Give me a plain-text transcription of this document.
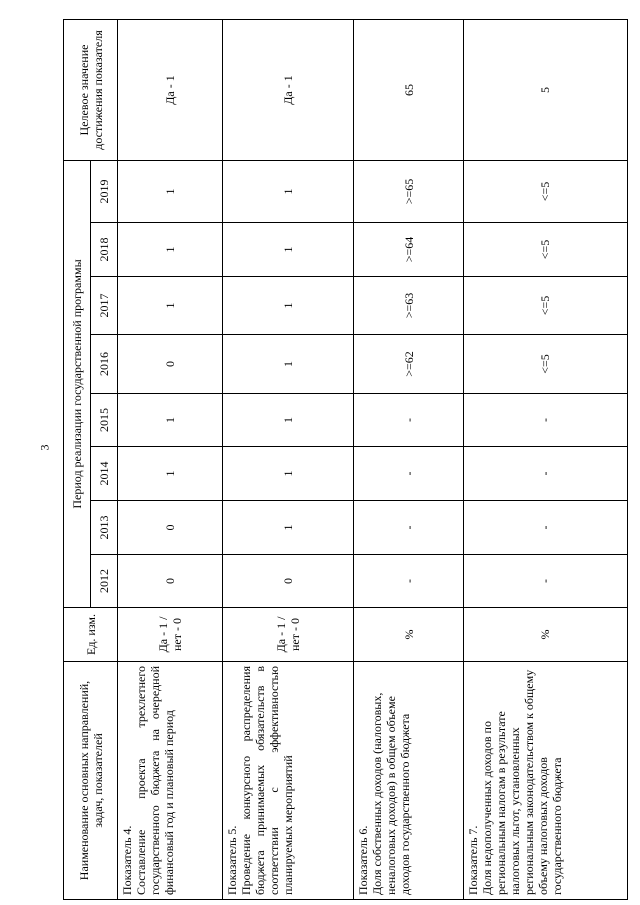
3
Наименование основных направлений, задач, показателей	Ед. изм.	Период реализации государственной программы								Целевое значение достижения показателя
		2012	2013	2014	2015	2016	2017	2018	2019	

Показатель 4. Составление проекта трехлетнего государственного бюджета на очередной финансовый год и плановый период	Да - 1 /нет - 0	0	0	1	1	0	1	1	1	Да - 1

Показатель 5. Проведение конкурсного распределения бюджета принимаемых обязательств в соответствии с эффективностью планируемых мероприятий	Да - 1 /нет - 0	0	1	1	1	1	1	1	1	Да - 1

Показатель 6. Доля собственных доходов (налоговых, неналоговых доходов) в общем объеме доходов государственного бюджета	%	-	-	-	-	>=62	>=63	>=64	>=65	65

Показатель 7. Доля недополученных доходов по региональным налогам в результате налоговых льгот, установленных региональным законодательством к общему объему налоговых доходов государственного бюджета	%	-	-	-	-	<=5	<=5	<=5	<=5	5
